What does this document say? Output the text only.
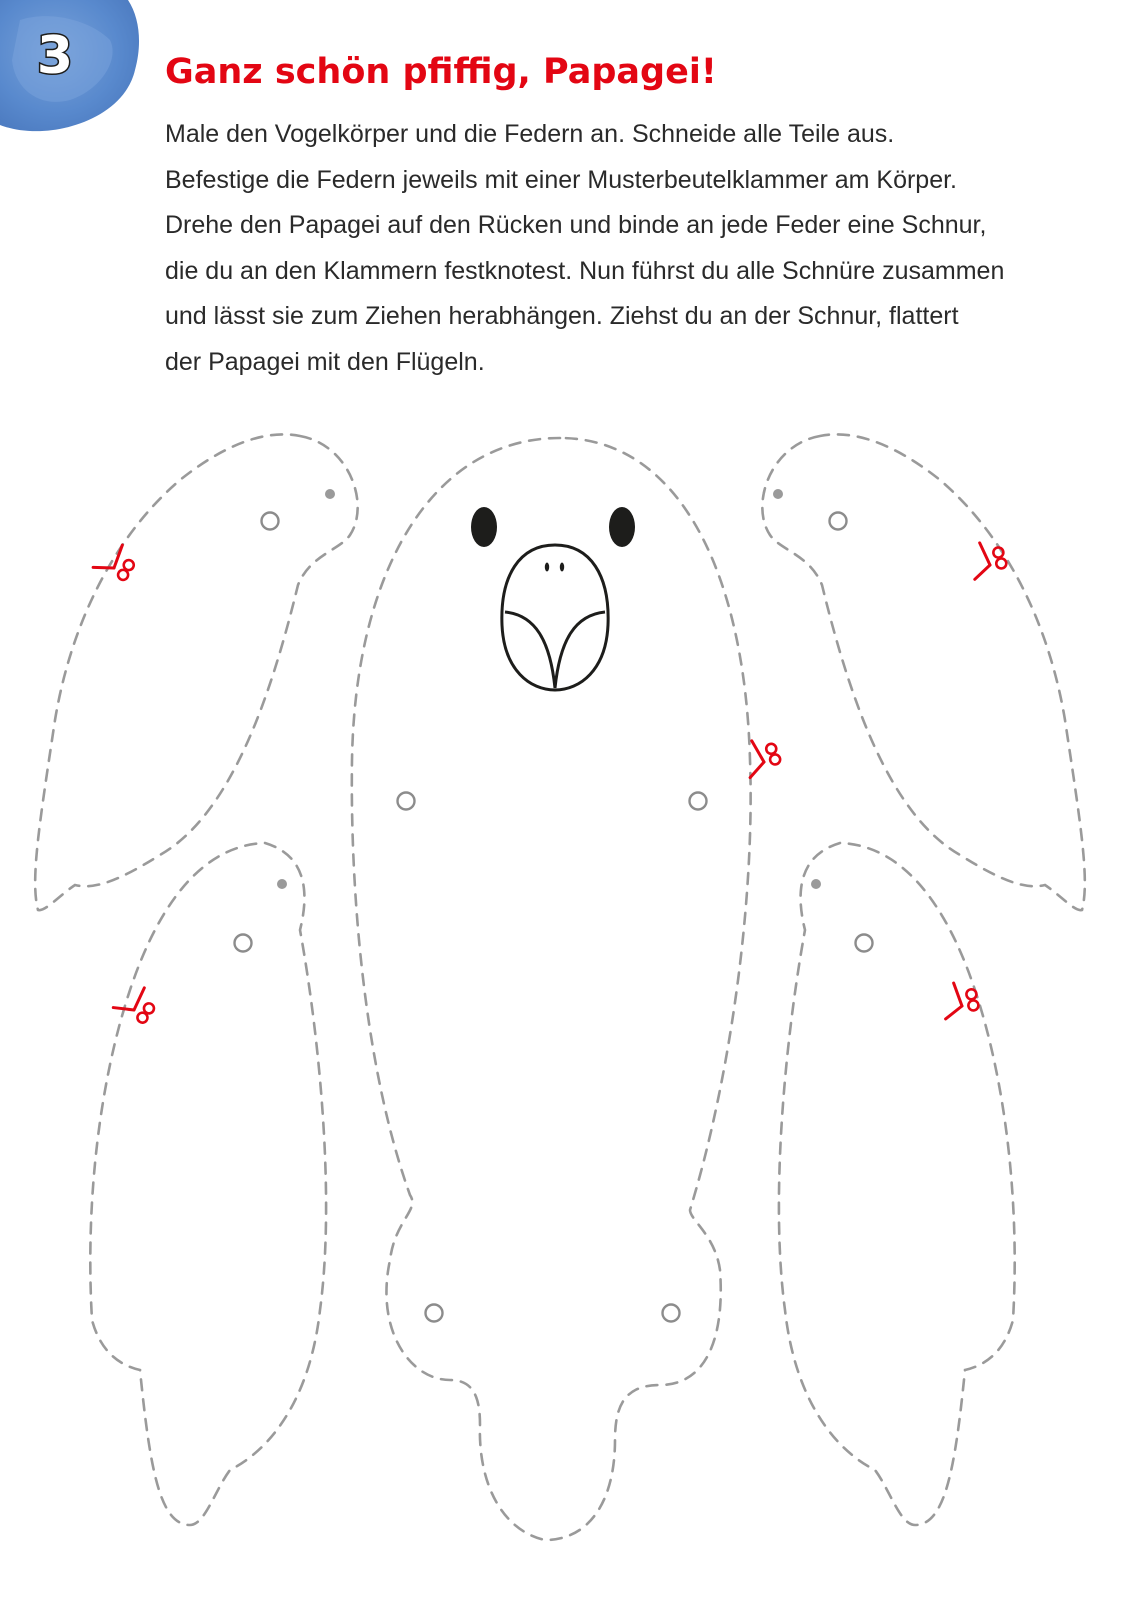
3	Ganz schön pfiffig, Papagei!
Male den Vogelkörper und die Federn an. Schneide alle Teile aus.
Befestige die Federn jeweils mit einer Musterbeutelklammer am Körper.
Drehe den Papagei auf den Rücken und binde an jede Feder eine Schnur,
die du an den Klammern festknotest. Nun führst du alle Schnüre zusammen
und lässt sie zum Ziehen herabhängen. Ziehst du an der Schnur, flattert
der Papagei mit den Flügeln.
